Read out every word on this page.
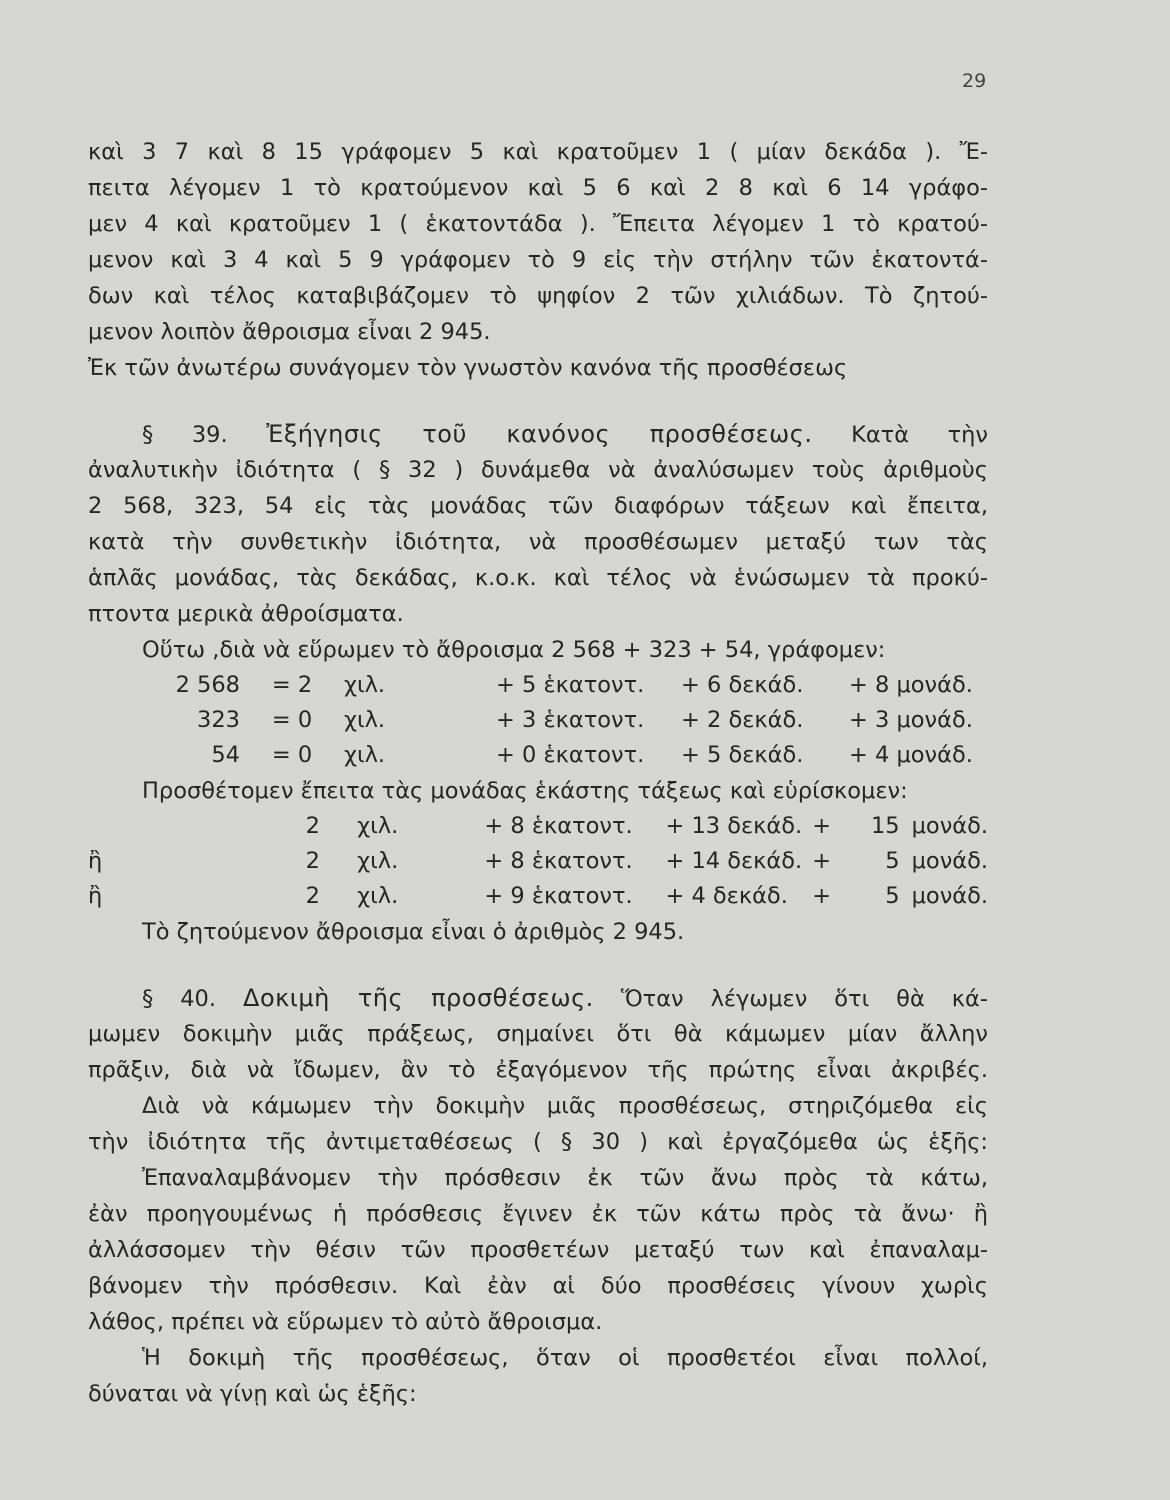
29
καὶ 3 7 καὶ 8 15 γράφομεν 5 καὶ κρατοῦμεν 1 ( μίαν δεκάδα ). Ἔ-
πειτα λέγομεν 1 τὸ κρατούμενον καὶ 5 6 καὶ 2 8 καὶ 6 14 γράφο-
μεν 4 καὶ κρατοῦμεν 1 ( ἑκατοντάδα ). Ἔπειτα λέγομεν 1 τὸ κρατού-
μενον καὶ 3 4 καὶ 5 9 γράφομεν τὸ 9 εἰς τὴν στήλην τῶν ἑκατοντά-
δων καὶ τέλος καταβιβάζομεν τὸ ψηφίον 2 τῶν χιλιάδων. Τὸ ζητού-
μενον λοιπὸν ἄθροισμα εἶναι 2 945.
Ἐκ τῶν ἀνωτέρω συνάγομεν τὸν γνωστὸν κανόνα τῆς προσθέσεως
§ 39. Ἐξήγησις τοῦ κανόνος προσθέσεως. Κατὰ τὴν
ἀναλυτικὴν ἰδιότητα ( § 32 ) δυνάμεθα νὰ ἀναλύσωμεν τοὺς ἀριθμοὺς
2 568, 323, 54 εἰς τὰς μονάδας τῶν διαφόρων τάξεων καὶ ἔπειτα,
κατὰ τὴν συνθετικὴν ἰδιότητα, νὰ προσθέσωμεν μεταξύ των τὰς
ἁπλᾶς μονάδας, τὰς δεκάδας, κ.ο.κ. καὶ τέλος νὰ ἑνώσωμεν τὰ προκύ-
πτοντα μερικὰ ἀθροίσματα.
Οὕτω ,διὰ νὰ εὕρωμεν τὸ ἄθροισμα 2 568 + 323 + 54, γράφομεν:
2 568	= 2	χιλ.	+ 5 ἑκατοντ.	+ 6 δεκάδ.	+ 8 μονάδ.
323	= 0	χιλ.	+ 3 ἑκατοντ.	+ 2 δεκάδ.	+ 3 μονάδ.
54	= 0	χιλ.	+ 0 ἑκατοντ.	+ 5 δεκάδ.	+ 4 μονάδ.
Προσθέτομεν ἔπειτα τὰς μονάδας ἑκάστης τάξεως καὶ εὑρίσκομεν:
2 χιλ.	+ 8 ἑκατοντ.	+ 13 δεκάδ. +	15 μονάδ.
ἢ	2 χιλ.	+ 8 ἑκατοντ.	+ 14 δεκάδ. +	5 μονάδ.
ἢ	2 χιλ.	+ 9 ἑκατοντ.	+ 4 δεκάδ.	+	5 μονάδ.
Τὸ ζητούμενον ἄθροισμα εἶναι ὁ ἀριθμὸς 2 945.
§ 40. Δοκιμὴ τῆς προσθέσεως. Ὅταν λέγωμεν ὅτι θὰ κά-
μωμεν δοκιμὴν μιᾶς πράξεως, σημαίνει ὅτι θὰ κάμωμεν μίαν ἄλλην
πρᾶξιν, διὰ νὰ ἴδωμεν, ἂν τὸ ἐξαγόμενον τῆς πρώτης εἶναι ἀκριβές.
Διὰ νὰ κάμωμεν τὴν δοκιμὴν μιᾶς προσθέσεως, στηριζόμεθα εἰς
τὴν ἰδιότητα τῆς ἀντιμεταθέσεως ( § 30 ) καὶ ἐργαζόμεθα ὡς ἑξῆς:
Ἐπαναλαμβάνομεν τὴν πρόσθεσιν ἐκ τῶν ἄνω πρὸς τὰ κάτω,
ἐὰν προηγουμένως ἡ πρόσθεσις ἔγινεν ἐκ τῶν κάτω πρὸς τὰ ἄνω· ἢ
ἀλλάσσομεν τὴν θέσιν τῶν προσθετέων μεταξύ των καὶ ἐπαναλαμ-
βάνομεν τὴν πρόσθεσιν. Καὶ ἐὰν αἱ δύο προσθέσεις γίνουν χωρὶς
λάθος, πρέπει νὰ εὕρωμεν τὸ αὐτὸ ἄθροισμα.
Ἡ δοκιμὴ τῆς προσθέσεως, ὅταν οἱ προσθετέοι εἶναι πολλοί,
δύναται νὰ γίνῃ καὶ ὡς ἑξῆς:
